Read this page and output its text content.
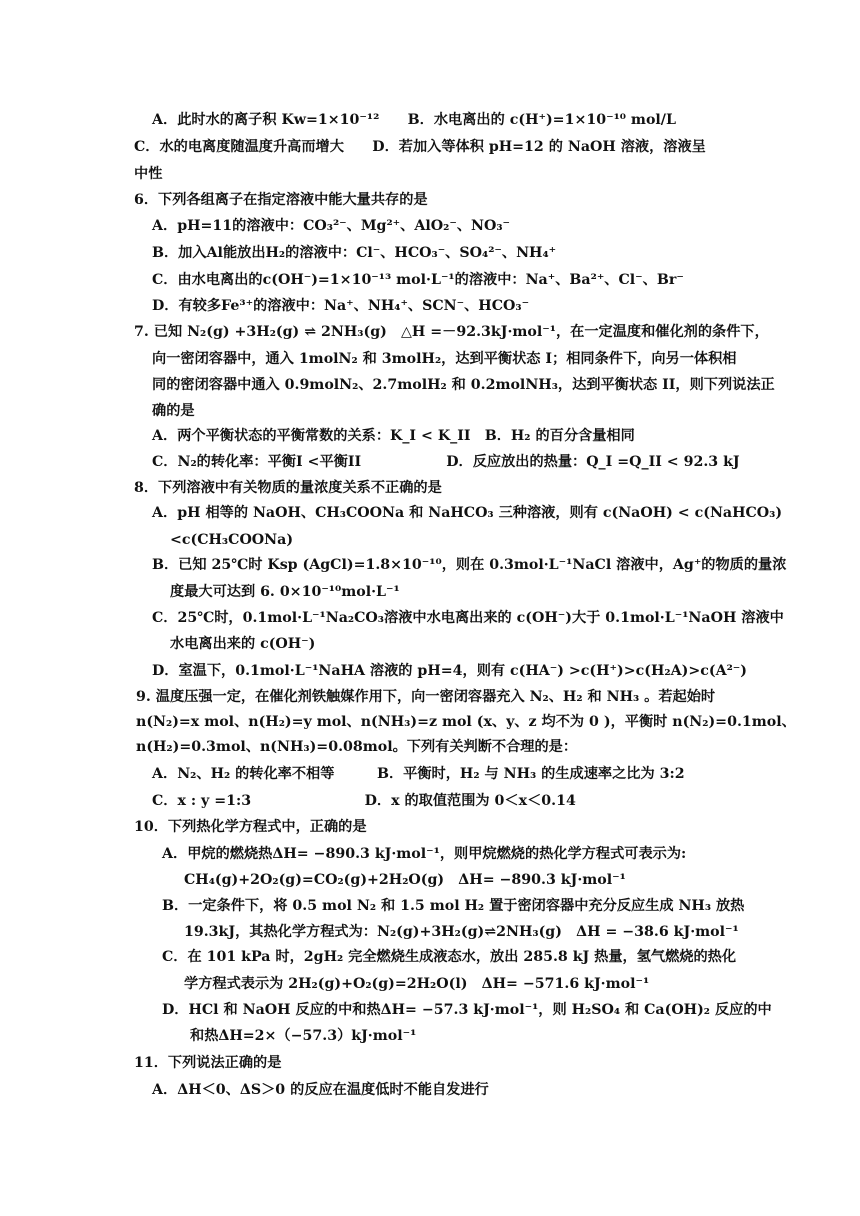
A．此时水的离子积 Kw=1×10⁻¹²　　B．水电离出的 c(H⁺)=1×10⁻¹⁰ mol/L
C．水的电离度随温度升高而增大　　D．若加入等体积 pH=12 的 NaOH 溶液，溶液呈
中性
6．下列各组离子在指定溶液中能大量共存的是
A．pH=11的溶液中：CO₃²⁻、Mg²⁺、AlO₂⁻、NO₃⁻
B．加入Al能放出H₂的溶液中：Cl⁻、HCO₃⁻、SO₄²⁻、NH₄⁺
C．由水电离出的c(OH⁻)=1×10⁻¹³ mol·L⁻¹的溶液中：Na⁺、Ba²⁺、Cl⁻、Br⁻
D．有较多Fe³⁺的溶液中：Na⁺、NH₄⁺、SCN⁻、HCO₃⁻
7. 已知 N₂(g) +3H₂(g) ⇌ 2NH₃(g)　△H =－92.3kJ·mol⁻¹，在一定温度和催化剂的条件下，
向一密闭容器中，通入 1molN₂ 和 3molH₂，达到平衡状态 I；相同条件下，向另一体积相
同的密闭容器中通入 0.9molN₂、2.7molH₂ 和 0.2molNH₃，达到平衡状态 II，则下列说法正
确的是
A．两个平衡状态的平衡常数的关系：K_I < K_II　B．H₂ 的百分含量相同
C．N₂的转化率：平衡I <平衡II　　　　　　D．反应放出的热量：Q_I =Q_II < 92.3 kJ
8．下列溶液中有关物质的量浓度关系不正确的是
A．pH 相等的 NaOH、CH₃COONa 和 NaHCO₃ 三种溶液，则有 c(NaOH) < c(NaHCO₃)
<c(CH₃COONa)
B．已知 25℃时 Ksp (AgCl)=1.8×10⁻¹⁰，则在 0.3mol·L⁻¹NaCl 溶液中，Ag⁺的物质的量浓
度最大可达到 6. 0×10⁻¹⁰mol·L⁻¹
C．25℃时，0.1mol·L⁻¹Na₂CO₃溶液中水电离出来的 c(OH⁻)大于 0.1mol·L⁻¹NaOH 溶液中
水电离出来的 c(OH⁻)
D．室温下，0.1mol·L⁻¹NaHA 溶液的 pH=4，则有 c(HA⁻) >c(H⁺)>c(H₂A)>c(A²⁻)
9. 温度压强一定，在催化剂铁触媒作用下，向一密闭容器充入 N₂、H₂ 和 NH₃ 。若起始时
n(N₂)=x mol、n(H₂)=y mol、n(NH₃)=z mol (x、y、z 均不为 0 )，平衡时 n(N₂)=0.1mol、
n(H₂)=0.3mol、n(NH₃)=0.08mol。下列有关判断不合理的是：
A．N₂、H₂ 的转化率不相等　　　B．平衡时，H₂ 与 NH₃ 的生成速率之比为 3:2
C．x : y =1:3　　　　　　　　D．x 的取值范围为 0＜x＜0.14
10．下列热化学方程式中，正确的是
A．甲烷的燃烧热ΔH= −890.3 kJ·mol⁻¹，则甲烷燃烧的热化学方程式可表示为:
CH₄(g)+2O₂(g)=CO₂(g)+2H₂O(g)　ΔH= −890.3 kJ·mol⁻¹
B．一定条件下，将 0.5 mol N₂ 和 1.5 mol H₂ 置于密闭容器中充分反应生成 NH₃ 放热
19.3kJ，其热化学方程式为：N₂(g)+3H₂(g)⇌2NH₃(g)　ΔH = −38.6 kJ·mol⁻¹
C．在 101 kPa 时，2gH₂ 完全燃烧生成液态水，放出 285.8 kJ 热量，氢气燃烧的热化
学方程式表示为 2H₂(g)+O₂(g)=2H₂O(l)　ΔH= −571.6 kJ·mol⁻¹
D．HCl 和 NaOH 反应的中和热ΔH= −57.3 kJ·mol⁻¹，则 H₂SO₄ 和 Ca(OH)₂ 反应的中
和热ΔH=2×（−57.3）kJ·mol⁻¹
11．下列说法正确的是
A．ΔH＜0、ΔS＞0 的反应在温度低时不能自发进行
